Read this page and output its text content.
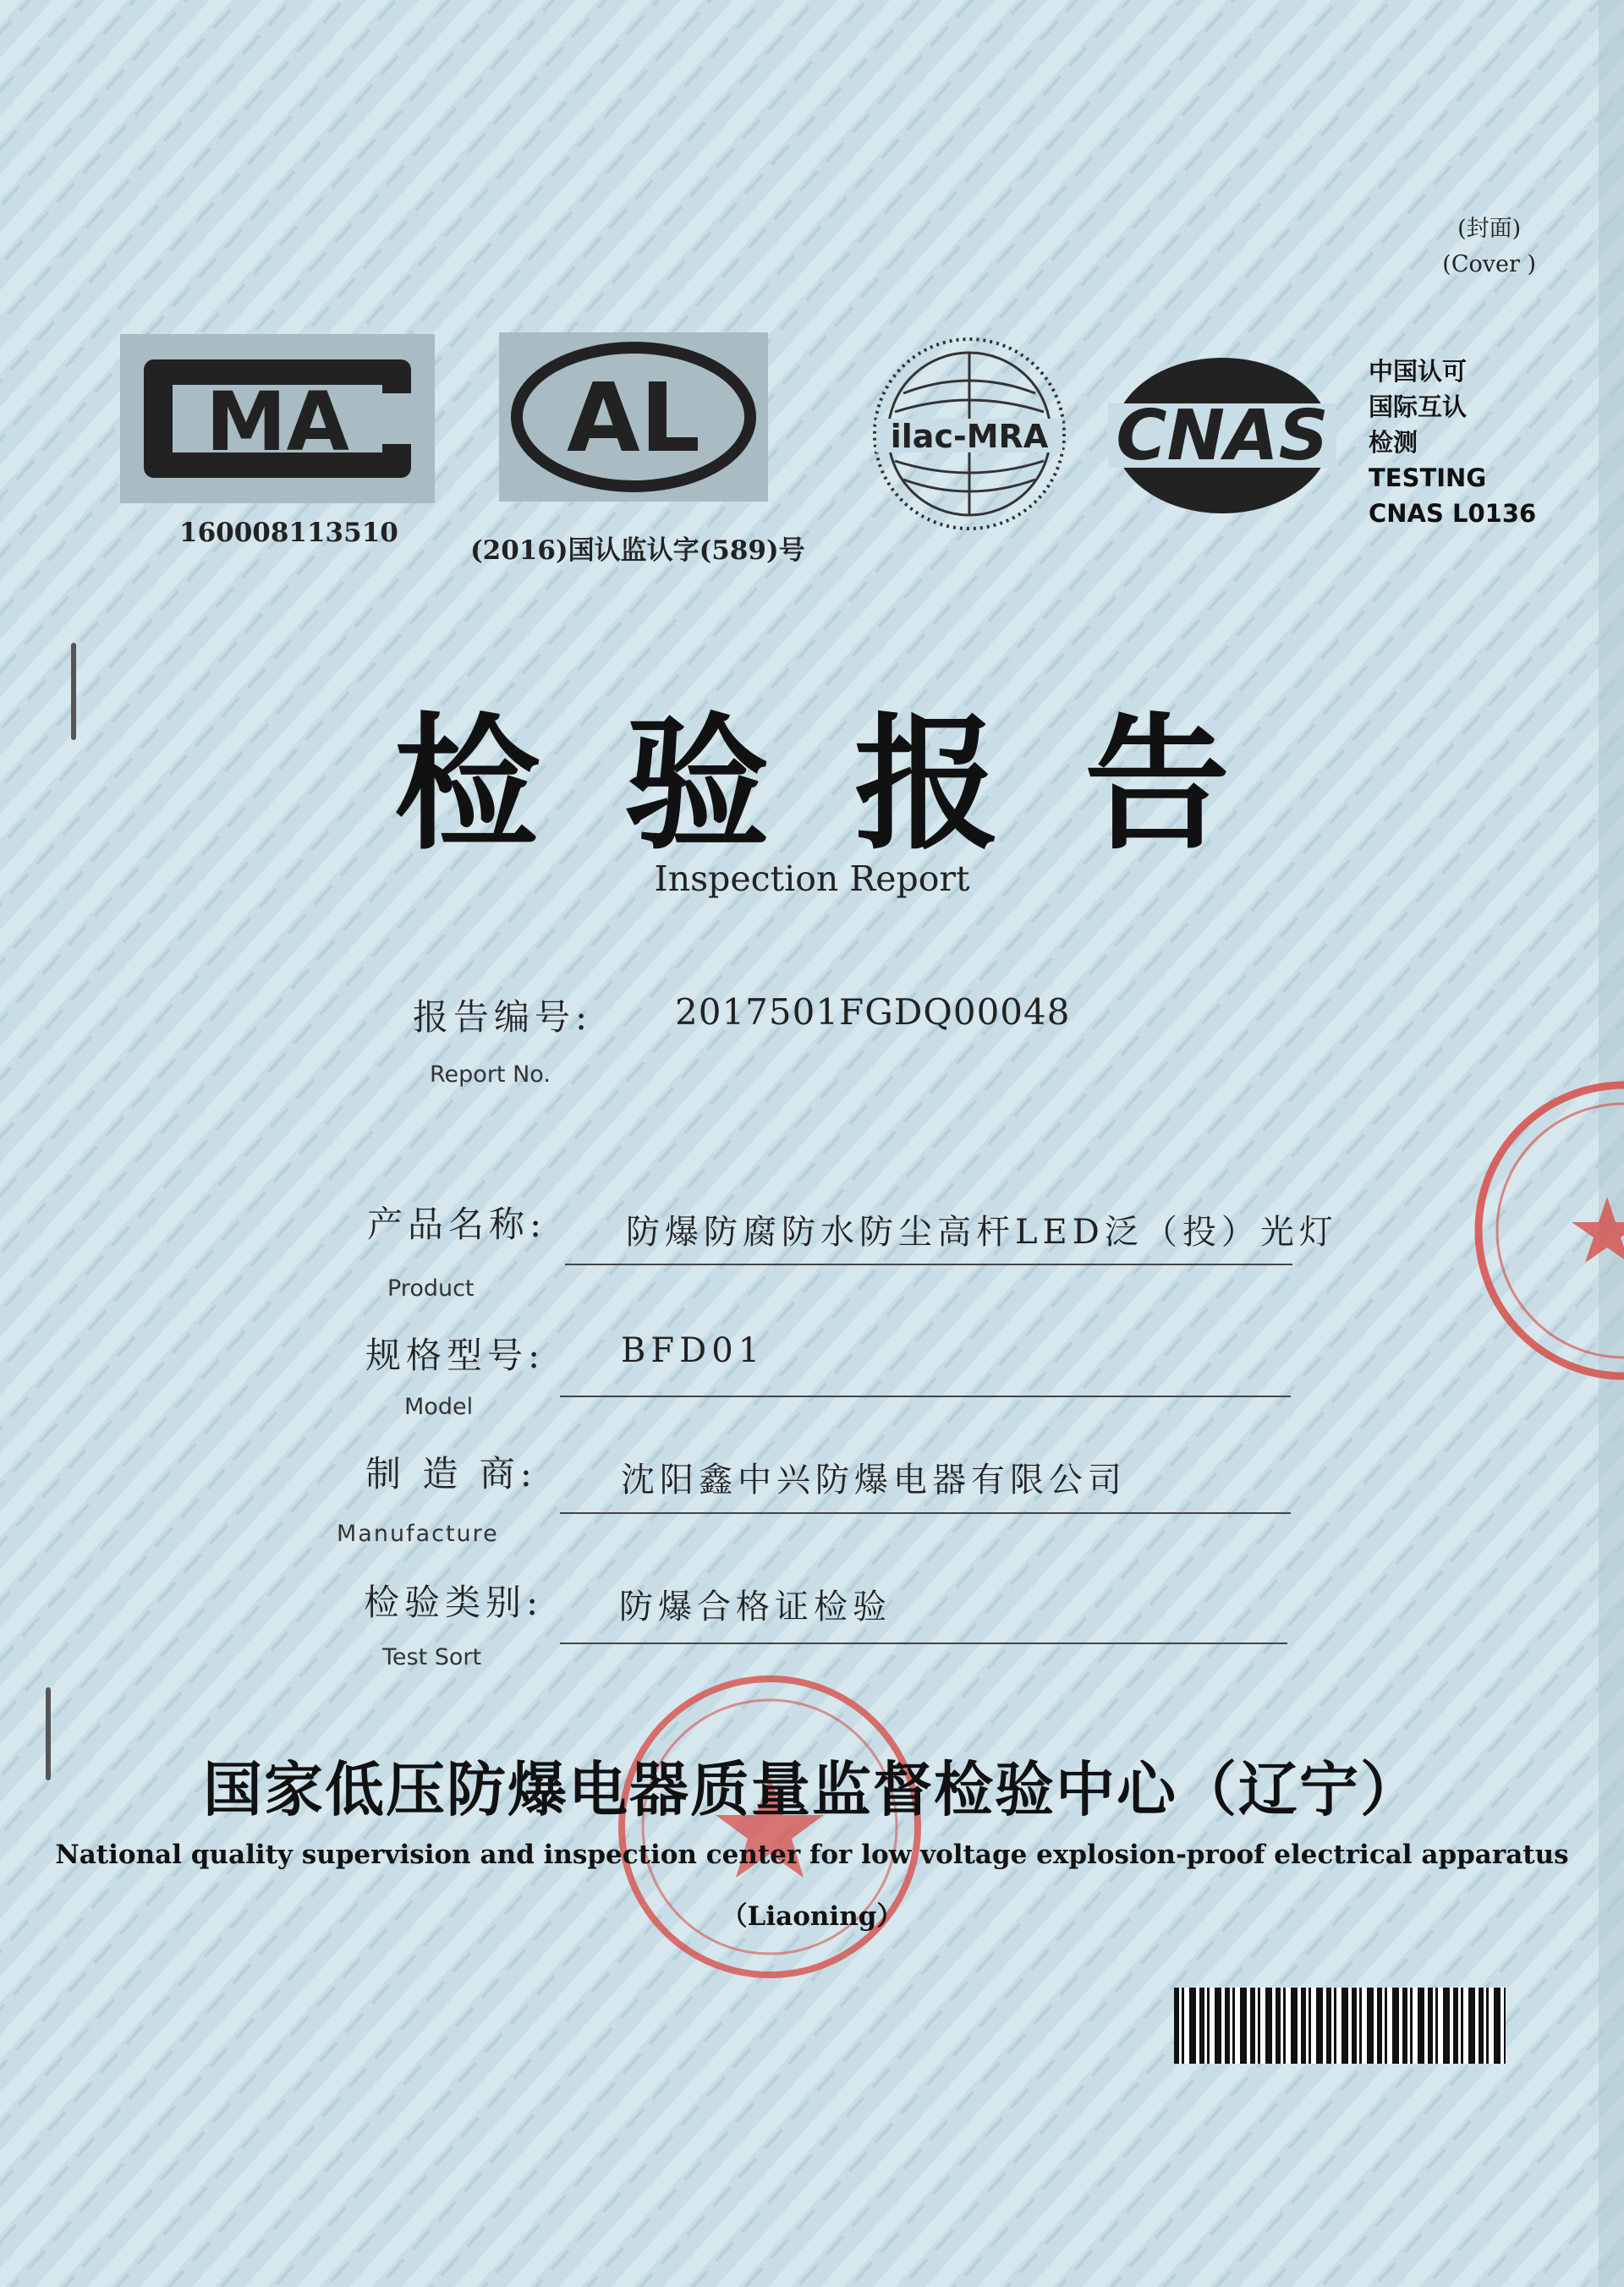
(封面)
(Cover )
MA
160008113510
AL
(2016)国认监认字(589)号
ilac-MRA CNAS
中国认可
国际互认
检测
TESTING
CNAS L0136
检验报告
Inspection Report
报告编号: 2017501FGDQ00048
Report No.
产品名称: 防爆防腐防水防尘高杆LED泛（投）光灯
Product
规格型号: BFD01
Model
制 造 商: 沈阳鑫中兴防爆电器有限公司
Manufacture
检验类别: 防爆合格证检验
Test Sort
国家低压防爆电器质量监督检验中心（辽宁）
National quality supervision and inspection center for low voltage explosion-proof electrical apparatus
（Liaoning）
